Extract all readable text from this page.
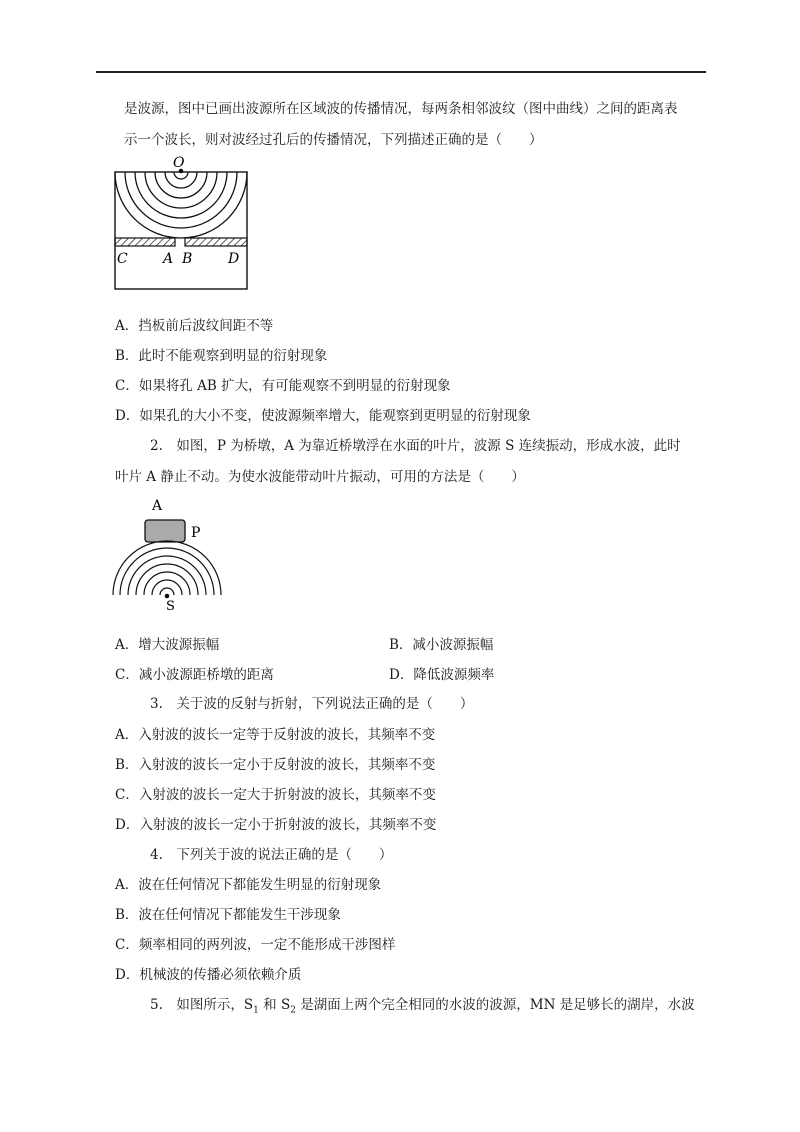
是波源，图中已画出波源所在区域波的传播情况，每两条相邻波纹（图中曲线）之间的距离表
示一个波长，则对波经过孔后的传播情况，下列描述正确的是（　　）
O
C	A B	D
A．挡板前后波纹间距不等
B．此时不能观察到明显的衍射现象
C．如果将孔 AB 扩大，有可能观察不到明显的衍射现象
D．如果孔的大小不变，使波源频率增大，能观察到更明显的衍射现象
2.　如图，P 为桥墩，A 为靠近桥墩浮在水面的叶片，波源 S 连续振动，形成水波，此时
叶片 A 静止不动。为使水波能带动叶片振动，可用的方法是（　　）
A
P
S
A．增大波源振幅	B．减小波源振幅
C．减小波源距桥墩的距离	D．降低波源频率
3.　关于波的反射与折射，下列说法正确的是（　　）
A．入射波的波长一定等于反射波的波长，其频率不变
B．入射波的波长一定小于反射波的波长，其频率不变
C．入射波的波长一定大于折射波的波长，其频率不变
D．入射波的波长一定小于折射波的波长，其频率不变
4.　下列关于波的说法正确的是（　　）
A．波在任何情况下都能发生明显的衍射现象
B．波在任何情况下都能发生干涉现象
C．频率相同的两列波，一定不能形成干涉图样
D．机械波的传播必须依赖介质
5.　如图所示，$S_1$ 和 $S_2$ 是湖面上两个完全相同的水波的波源，MN 是足够长的湖岸，水波
